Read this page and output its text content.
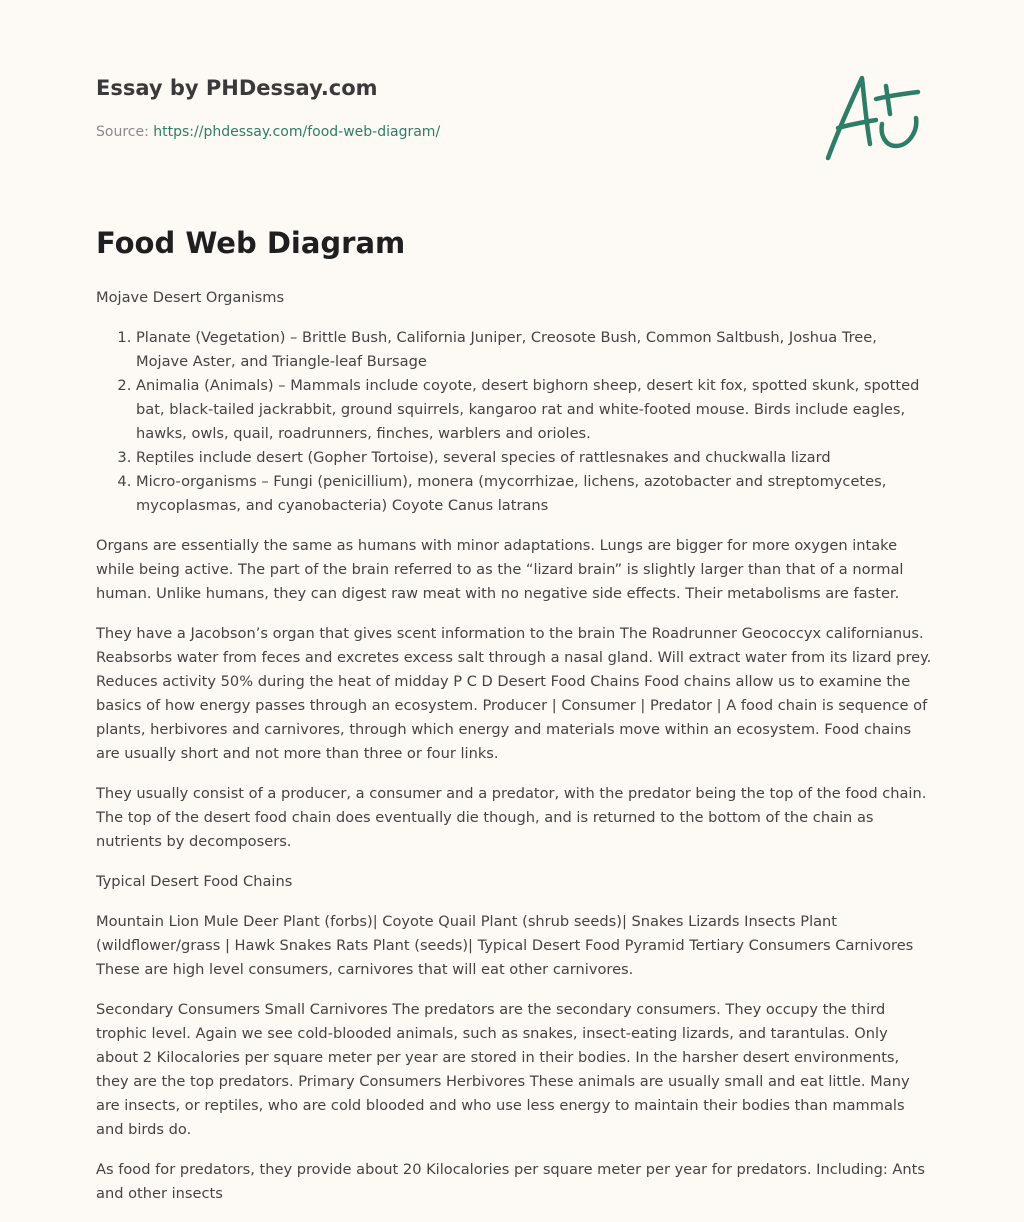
Essay by PHDessay.com
Source: https://phdessay.com/food-web-diagram/
Food Web Diagram

Mojave Desert Organisms

1. Planate (Vegetation) – Brittle Bush, California Juniper, Creosote Bush, Common Saltbush, Joshua Tree, Mojave Aster, and Triangle-leaf Bursage
2. Animalia (Animals) – Mammals include coyote, desert bighorn sheep, desert kit fox, spotted skunk, spotted bat, black-tailed jackrabbit, ground squirrels, kangaroo rat and white-footed mouse. Birds include eagles, hawks, owls, quail, roadrunners, finches, warblers and orioles.
3. Reptiles include desert (Gopher Tortoise), several species of rattlesnakes and chuckwalla lizard
4. Micro-organisms – Fungi (penicillium), monera (mycorrhizae, lichens, azotobacter and streptomycetes, mycoplasmas, and cyanobacteria) Coyote Canus latrans

Organs are essentially the same as humans with minor adaptations. Lungs are bigger for more oxygen intake while being active. The part of the brain referred to as the “lizard brain” is slightly larger than that of a normal human. Unlike humans, they can digest raw meat with no negative side effects. Their metabolisms are faster.

They have a Jacobson’s organ that gives scent information to the brain The Roadrunner Geococcyx californianus. Reabsorbs water from feces and excretes excess salt through a nasal gland. Will extract water from its lizard prey. Reduces activity 50% during the heat of midday P C D Desert Food Chains Food chains allow us to examine the basics of how energy passes through an ecosystem. Producer | Consumer | Predator | A food chain is sequence of plants, herbivores and carnivores, through which energy and materials move within an ecosystem. Food chains are usually short and not more than three or four links.

They usually consist of a producer, a consumer and a predator, with the predator being the top of the food chain. The top of the desert food chain does eventually die though, and is returned to the bottom of the chain as nutrients by decomposers.

Typical Desert Food Chains

Mountain Lion Mule Deer Plant (forbs)| Coyote Quail Plant (shrub seeds)| Snakes Lizards Insects Plant (wildflower/grass | Hawk Snakes Rats Plant (seeds)| Typical Desert Food Pyramid Tertiary Consumers Carnivores These are high level consumers, carnivores that will eat other carnivores.

Secondary Consumers Small Carnivores The predators are the secondary consumers. They occupy the third trophic level. Again we see cold-blooded animals, such as snakes, insect-eating lizards, and tarantulas. Only about 2 Kilocalories per square meter per year are stored in their bodies. In the harsher desert environments, they are the top predators. Primary Consumers Herbivores These animals are usually small and eat little. Many are insects, or reptiles, who are cold blooded and who use less energy to maintain their bodies than mammals and birds do.

As food for predators, they provide about 20 Kilocalories per square meter per year for predators. Including: Ants and other insects
